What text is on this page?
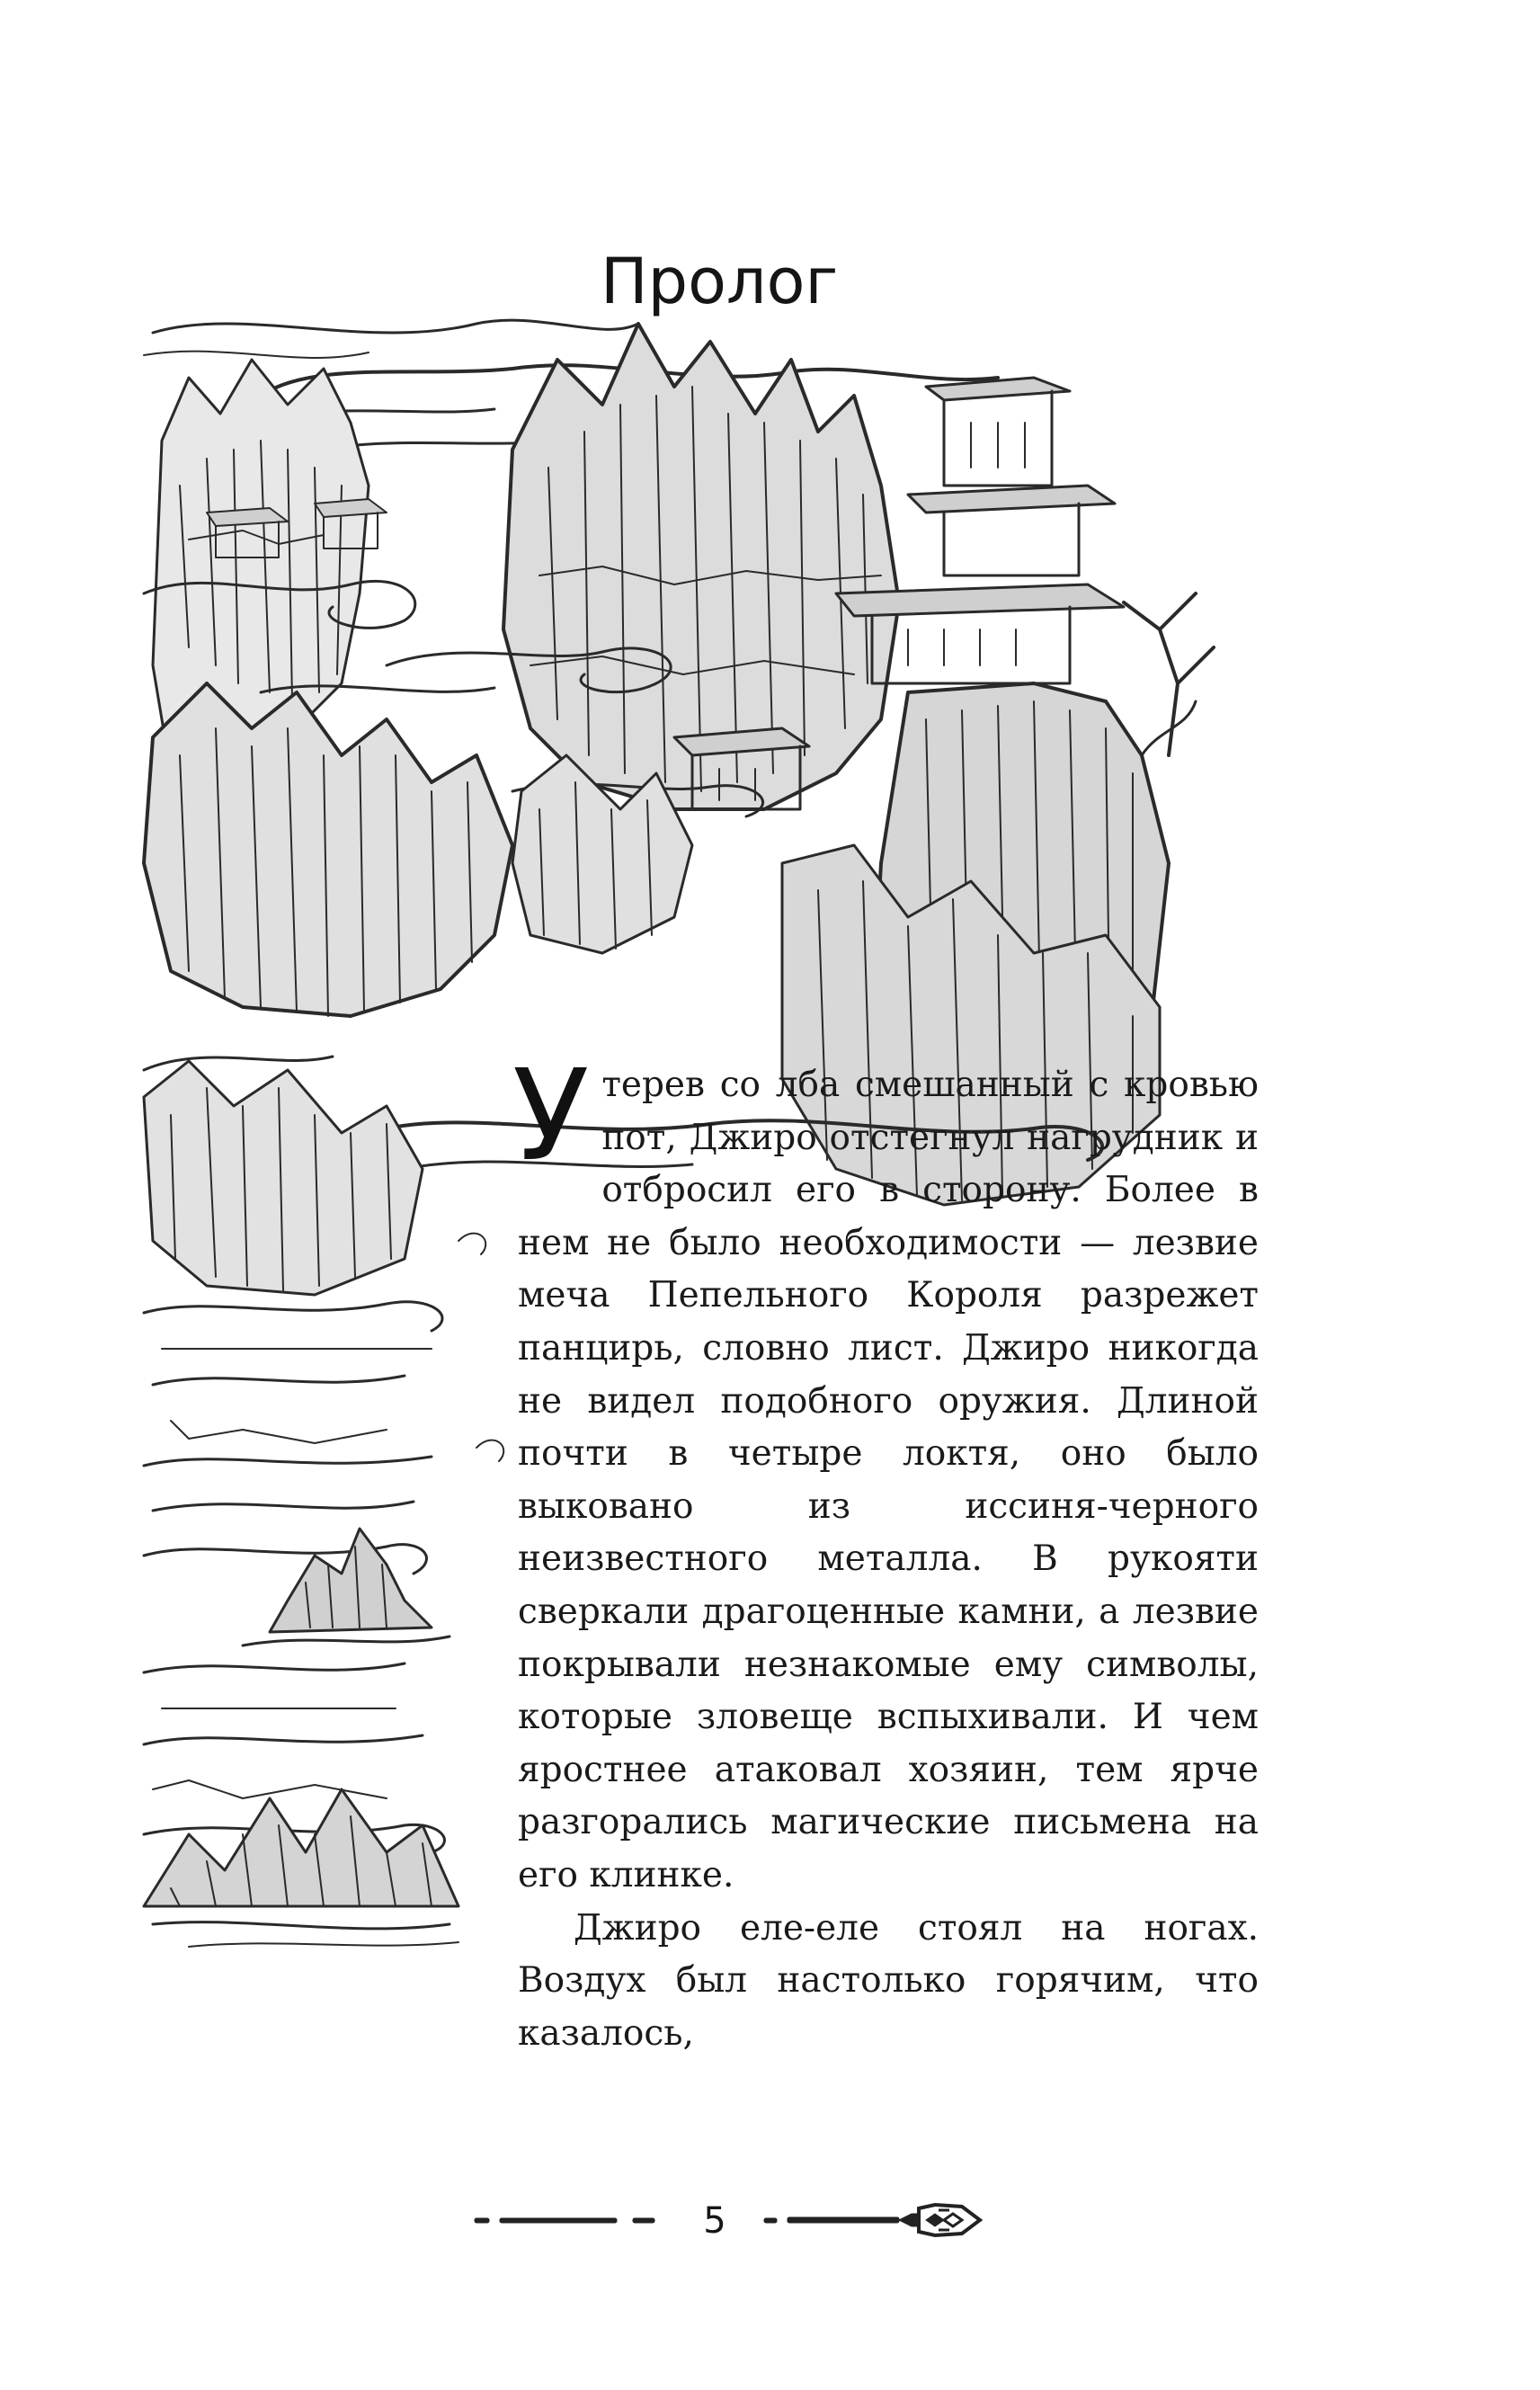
Пролог

Утерев со лба смешанный с кровью пот, Джиро отстегнул нагрудник и отбросил его в сторону. Более в нем не было необходимости — лезвие меча Пепельного Короля разрежет панцирь, словно лист. Джиро никогда не видел подобного оружия. Длиной почти в четыре локтя, оно было выковано из иссиня-черного неизвестного металла. В рукояти сверкали драгоценные камни, а лезвие покрывали незнакомые ему символы, которые зловеще вспыхивали. И чем яростнее атаковал хозяин, тем ярче разгорались магические письмена на его клинке.

Джиро еле-еле стоял на ногах. Воздух был настолько горячим, что казалось,

5
